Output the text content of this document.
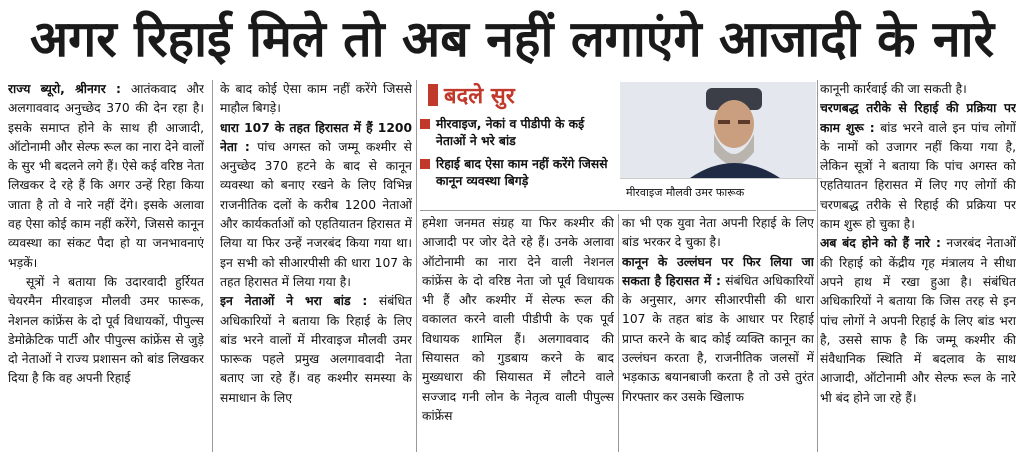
अगर रिहाई मिले तो अब नहीं लगाएंगे आजादी के नारे

राज्य ब्यूरो, श्रीनगर : आतंकवाद और अलगाववाद अनुच्छेद 370 की देन रहा है। इसके समाप्त होने के साथ ही आजादी, ऑटोनामी और सेल्फ रूल का नारा देने वालों के सुर भी बदलने लगे हैं। ऐसे कई वरिष्ठ नेता लिखकर दे रहे हैं कि अगर उन्हें रिहा किया जाता है तो वे नारे नहीं देंगे। इसके अलावा वह ऐसा कोई काम नहीं करेंगे, जिससे कानून व्यवस्था का संकट पैदा हो या जनभावनाएं भड़कें।

सूत्रों ने बताया कि उदारवादी हुर्रियत चेयरमैन मीरवाइज मौलवी उमर फारूक, नेशनल कांफ्रेंस के दो पूर्व विधायकों, पीपुल्स डेमोक्रेटिक पार्टी और पीपुल्स कांफ्रेंस से जुड़े दो नेताओं ने राज्य प्रशासन को बांड लिखकर दिया है कि वह अपनी रिहाई

के बाद कोई ऐसा काम नहीं करेंगे जिससे माहौल बिगड़े।

धारा 107 के तहत हिरासत में हैं 1200 नेता : पांच अगस्त को जम्मू कश्मीर से अनुच्छेद 370 हटने के बाद से कानून व्यवस्था को बनाए रखने के लिए विभिन्न राजनीतिक दलों के करीब 1200 नेताओं और कार्यकर्ताओं को एहतियातन हिरासत में लिया या फिर उन्हें नजरबंद किया गया था। इन सभी को सीआरपीसी की धारा 107 के तहत हिरासत में लिया गया है।

इन नेताओं ने भरा बांड : संबंधित अधिकारियों ने बताया कि रिहाई के लिए बांड भरने वालों में मीरवाइज मौलवी उमर फारूक पहले प्रमुख अलगाववादी नेता बताए जा रहे हैं। वह कश्मीर समस्या के समाधान के लिए

बदले सुर
मीरवाइज, नेकां व पीडीपी के कई नेताओं ने भरे बांड
रिहाई बाद ऐसा काम नहीं करेंगे जिससे कानून व्यवस्था बिगड़े
मीरवाइज मौलवी उमर फारूक

हमेशा जनमत संग्रह या फिर कश्मीर की आजादी पर जोर देते रहे हैं। उनके अलावा ऑटोनामी का नारा देने वाली नेशनल कांफ्रेंस के दो वरिष्ठ नेता जो पूर्व विधायक भी हैं और कश्मीर में सेल्फ रूल की वकालत करने वाली पीडीपी के एक पूर्व विधायक शामिल हैं। अलगाववाद की सियासत को गुडबाय करने के बाद मुख्यधारा की सियासत में लौटने वाले सज्जाद गनी लोन के नेतृत्व वाली पीपुल्स कांफ्रेंस

का भी एक युवा नेता अपनी रिहाई के लिए बांड भरकर दे चुका है।

कानून के उल्लंघन पर फिर लिया जा सकता है हिरासत में : संबंधित अधिकारियों के अनुसार, अगर सीआरपीसी की धारा 107 के तहत बांड के आधार पर रिहाई प्राप्त करने के बाद कोई व्यक्ति कानून का उल्लंघन करता है, राजनीतिक जलसों में भड़काऊ बयानबाजी करता है तो उसे तुरंत गिरफ्तार कर उसके खिलाफ

कानूनी कार्रवाई की जा सकती है।

चरणबद्ध तरीके से रिहाई की प्रक्रिया पर काम शुरू : बांड भरने वाले इन पांच लोगों के नामों को उजागर नहीं किया गया है, लेकिन सूत्रों ने बताया कि पांच अगस्त को एहतियातन हिरासत में लिए गए लोगों की चरणबद्ध तरीके से रिहाई की प्रक्रिया पर काम शुरू हो चुका है।

अब बंद होने को हैं नारे : नजरबंद नेताओं की रिहाई को केंद्रीय गृह मंत्रालय ने सीधा अपने हाथ में रखा हुआ है। संबंधित अधिकारियों ने बताया कि जिस तरह से इन पांच लोगों ने अपनी रिहाई के लिए बांड भरा है, उससे साफ है कि जम्मू कश्मीर की संवैधानिक स्थिति में बदलाव के साथ आजादी, ऑटोनामी और सेल्फ रूल के नारे भी बंद होने जा रहे हैं।
